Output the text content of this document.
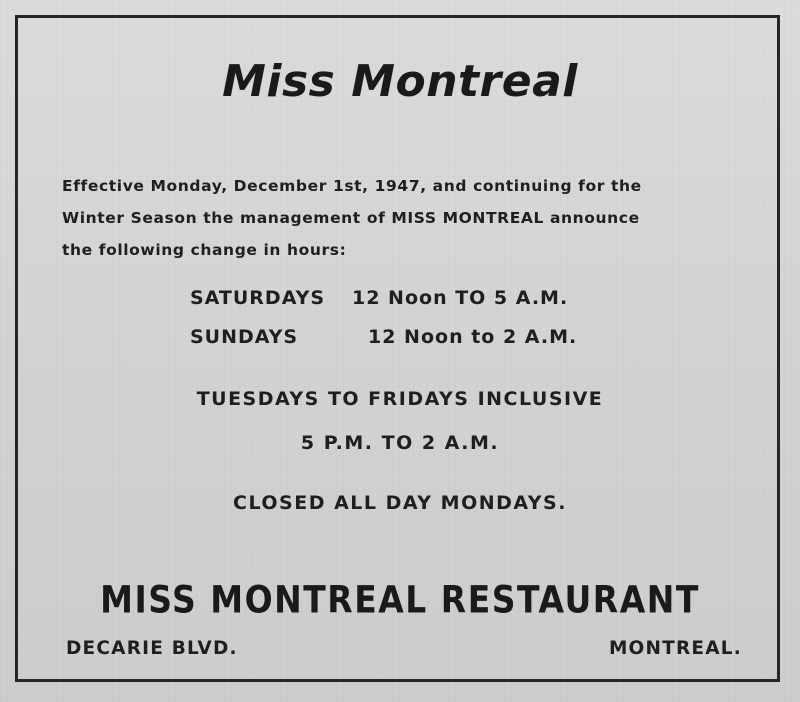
Miss Montreal
Effective Monday, December 1st, 1947, and continuing for the
Winter Season the management of MISS MONTREAL announce
the following change in hours:
SATURDAYS 12 Noon TO 5 A.M.
SUNDAYS	12 Noon to 2 A.M.
TUESDAYS TO FRIDAYS INCLUSIVE
5 P.M. TO 2 A.M.
CLOSED ALL DAY MONDAYS.
MISS MONTREAL RESTAURANT
DECARIE BLVD.	MONTREAL.
